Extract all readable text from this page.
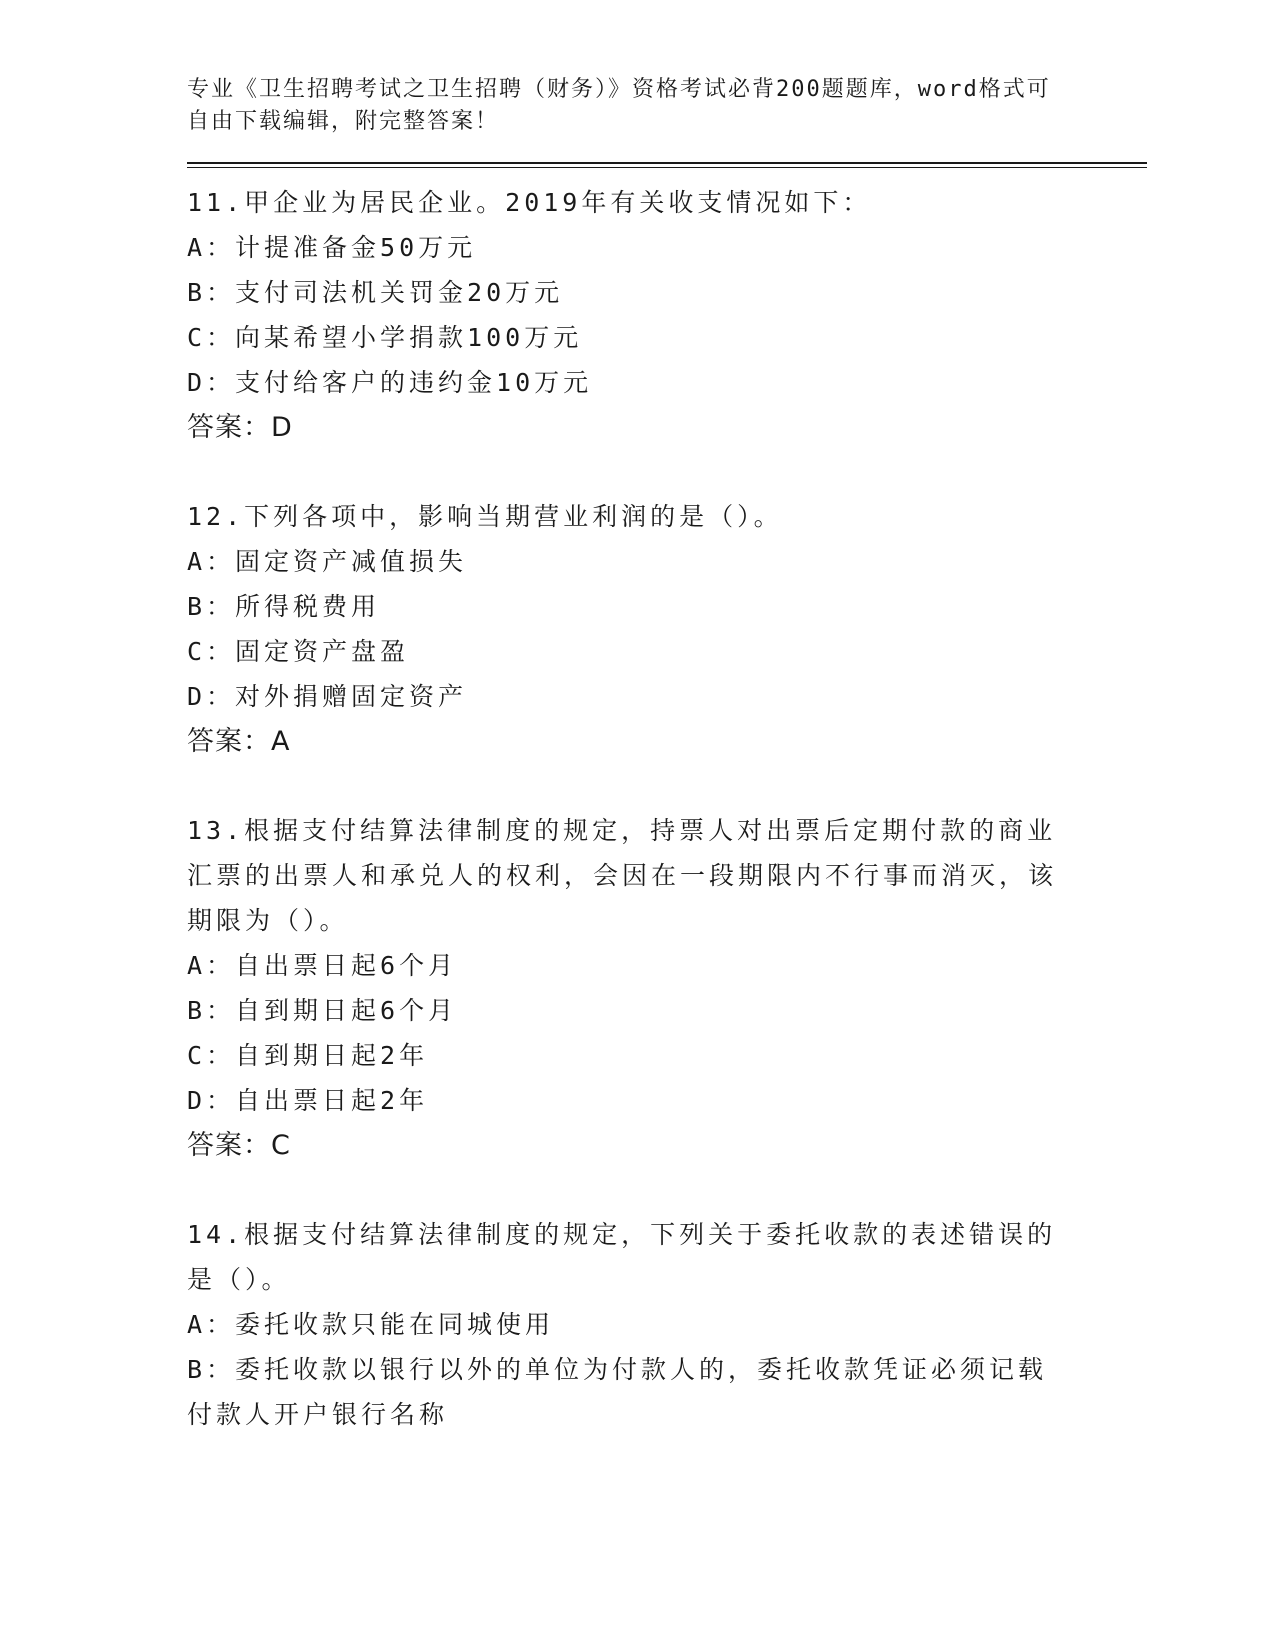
专业《卫生招聘考试之卫生招聘（财务）》资格考试必背200题题库，word格式可自由下载编辑，附完整答案！
11.甲企业为居民企业。2019年有关收支情况如下：
A：计提准备金50万元
B：支付司法机关罚金20万元
C：向某希望小学捐款100万元
D：支付给客户的违约金10万元
答案：D
12.下列各项中，影响当期营业利润的是（）。
A：固定资产减值损失
B：所得税费用
C：固定资产盘盈
D：对外捐赠固定资产
答案：A
13.根据支付结算法律制度的规定，持票人对出票后定期付款的商业汇票的出票人和承兑人的权利，会因在一段期限内不行事而消灭，该期限为（）。
A：自出票日起6个月
B：自到期日起6个月
C：自到期日起2年
D：自出票日起2年
答案：C
14.根据支付结算法律制度的规定，下列关于委托收款的表述错误的是（）。
A：委托收款只能在同城使用
B：委托收款以银行以外的单位为付款人的，委托收款凭证必须记载付款人开户银行名称
